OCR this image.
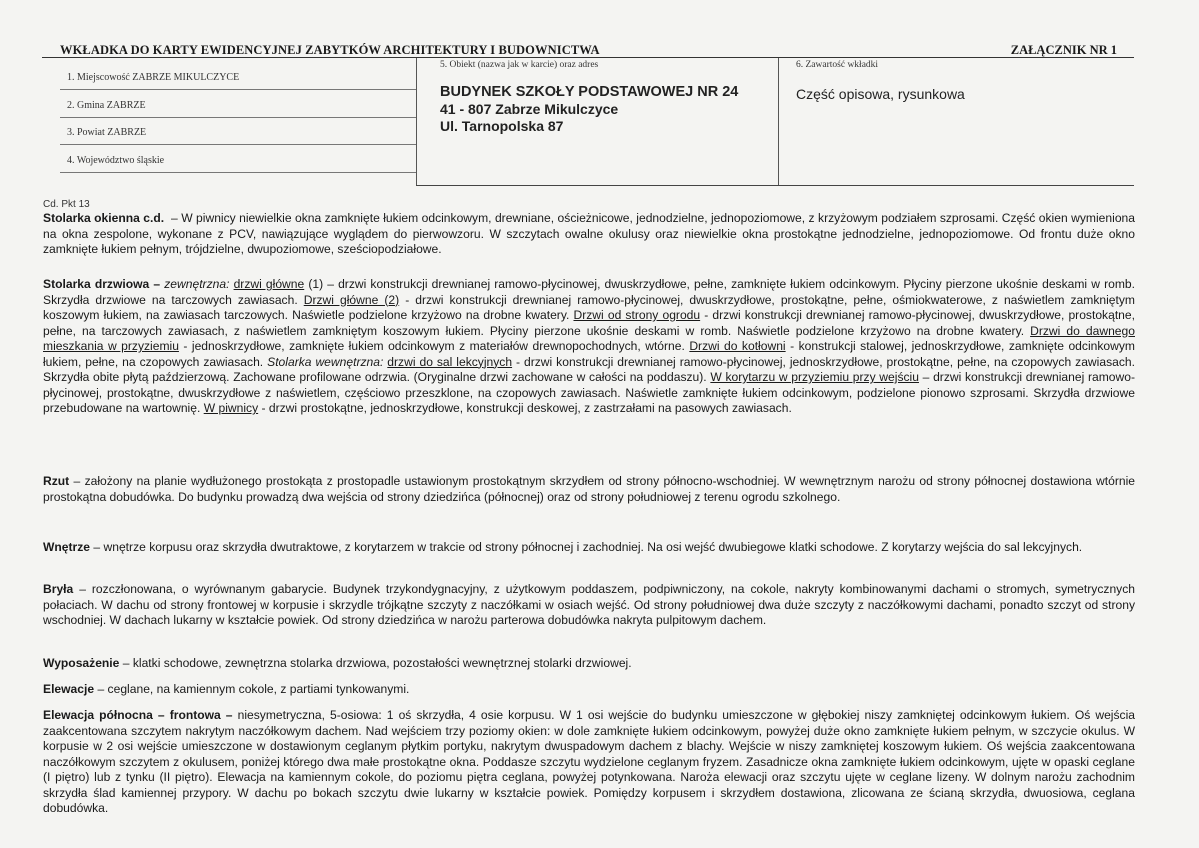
WKŁADKA DO KARTY EWIDENCYJNEJ ZABYTKÓW ARCHITEKTURY I BUDOWNICTWA	ZAŁĄCZNIK NR 1
1. Miejscowość ZABRZE MIKULCZYCE
2. Gmina ZABRZE
3. Powiat ZABRZE
4. Województwo śląskie
5. Obiekt (nazwa jak w karcie) oraz adres
BUDYNEK SZKOŁY PODSTAWOWEJ NR 24
41 - 807 Zabrze Mikulczyce
Ul. Tarnopolska 87
6. Zawartość wkładki
Część opisowa, rysunkowa
Cd. Pkt 13
Stolarka okienna c.d.  – W piwnicy niewielkie okna zamknięte łukiem odcinkowym, drewniane, ościeżnicowe, jednodzielne, jednopoziomowe, z krzyżowym podziałem szprosami. Część okien wymieniona na okna zespolone, wykonane z PCV, nawiązujące wyglądem do pierwowzoru. W szczytach owalne okulusy oraz niewielkie okna prostokątne jednodzielne, jednopoziomowe. Od frontu duże okno zamknięte łukiem pełnym, trójdzielne, dwupoziomowe, sześciopodziałowe.
Stolarka drzwiowa – zewnętrzna: drzwi główne (1) – drzwi konstrukcji drewnianej ramowo-płycinowej, dwuskrzydłowe, pełne, zamknięte łukiem odcinkowym. Płyciny pierzone ukośnie deskami w romb. Skrzydła drzwiowe na tarczowych zawiasach. Drzwi główne (2) - drzwi konstrukcji drewnianej ramowo-płycinowej, dwuskrzydłowe, prostokątne, pełne, ośmiokwaterowe, z naświetlem zamkniętym koszowym łukiem, na zawiasach tarczowych. Naświetle podzielone krzyżowo na drobne kwatery. Drzwi od strony ogrodu - drzwi konstrukcji drewnianej ramowo-płycinowej, dwuskrzydłowe, prostokątne, pełne, na tarczowych zawiasach, z naświetlem zamkniętym koszowym łukiem. Płyciny pierzone ukośnie deskami w romb. Naświetle podzielone krzyżowo na drobne kwatery. Drzwi do dawnego mieszkania w przyziemiu - jednoskrzydłowe, zamknięte łukiem odcinkowym z materiałów drewnopochodnych, wtórne. Drzwi do kotłowni - konstrukcji stalowej, jednoskrzydłowe, zamknięte odcinkowym łukiem, pełne, na czopowych zawiasach. Stolarka wewnętrzna: drzwi do sal lekcyjnych - drzwi konstrukcji drewnianej ramowo-płycinowej, jednoskrzydłowe, prostokątne, pełne, na czopowych zawiasach. Skrzydła obite płytą paździerzową. Zachowane profilowane odrzwia. (Oryginalne drzwi zachowane w całości na poddaszu). W korytarzu w przyziemiu przy wejściu – drzwi konstrukcji drewnianej ramowo-płycinowej, prostokątne, dwuskrzydłowe z naświetlem, częściowo przeszklone, na czopowych zawiasach. Naświetle zamknięte łukiem odcinkowym, podzielone pionowo szprosami. Skrzydła drzwiowe przebudowane na wartownię. W piwnicy - drzwi prostokątne, jednoskrzydłowe, konstrukcji deskowej, z zastrzałami na pasowych zawiasach.
Rzut – założony na planie wydłużonego prostokąta z prostopadle ustawionym prostokątnym skrzydłem od strony północno-wschodniej. W wewnętrznym narożu od strony północnej dostawiona wtórnie prostokątna dobudówka. Do budynku prowadzą dwa wejścia od strony dziedzińca (północnej) oraz od strony południowej z terenu ogrodu szkolnego.
Wnętrze – wnętrze korpusu oraz skrzydła dwutraktowe, z korytarzem w trakcie od strony północnej i zachodniej. Na osi wejść dwubiegowe klatki schodowe. Z korytarzy wejścia do sal lekcyjnych.
Bryła – rozczłonowana, o wyrównanym gabarycie. Budynek trzykondygnacyjny, z użytkowym poddaszem, podpiwniczony, na cokole, nakryty kombinowanymi dachami o stromych, symetrycznych połaciach. W dachu od strony frontowej w korpusie i skrzydle trójkątne szczyty z naczółkami w osiach wejść. Od strony południowej dwa duże szczyty z naczółkowymi dachami, ponadto szczyt od strony wschodniej. W dachach lukarny w kształcie powiek. Od strony dziedzińca w narożu parterowa dobudówka nakryta pulpitowym dachem.
Wyposażenie – klatki schodowe, zewnętrzna stolarka drzwiowa, pozostałości wewnętrznej stolarki drzwiowej.
Elewacje – ceglane, na kamiennym cokole, z partiami tynkowanymi.
Elewacja północna – frontowa – niesymetryczna, 5-osiowa: 1 oś skrzydła, 4 osie korpusu. W 1 osi wejście do budynku umieszczone w głębokiej niszy zamkniętej odcinkowym łukiem. Oś wejścia zaakcentowana szczytem nakrytym naczółkowym dachem. Nad wejściem trzy poziomy okien: w dole zamknięte łukiem odcinkowym, powyżej duże okno zamknięte łukiem pełnym, w szczycie okulus. W korpusie w 2 osi wejście umieszczone w dostawionym ceglanym płytkim portyku, nakrytym dwuspadowym dachem z blachy. Wejście w niszy zamkniętej koszowym łukiem. Oś wejścia zaakcentowana naczółkowym szczytem z okulusem, poniżej którego dwa małe prostokątne okna. Poddasze szczytu wydzielone ceglanym fryzem. Zasadnicze okna zamknięte łukiem odcinkowym, ujęte w opaski ceglane (I piętro) lub z tynku (II piętro). Elewacja na kamiennym cokole, do poziomu piętra ceglana, powyżej potynkowana. Naroża elewacji oraz szczytu ujęte w ceglane lizeny. W dolnym narożu zachodnim skrzydła ślad kamiennej przypory. W dachu po bokach szczytu dwie lukarny w kształcie powiek. Pomiędzy korpusem i skrzydłem dostawiona, zlicowana ze ścianą skrzydła, dwuosiowa, ceglana dobudówka.
